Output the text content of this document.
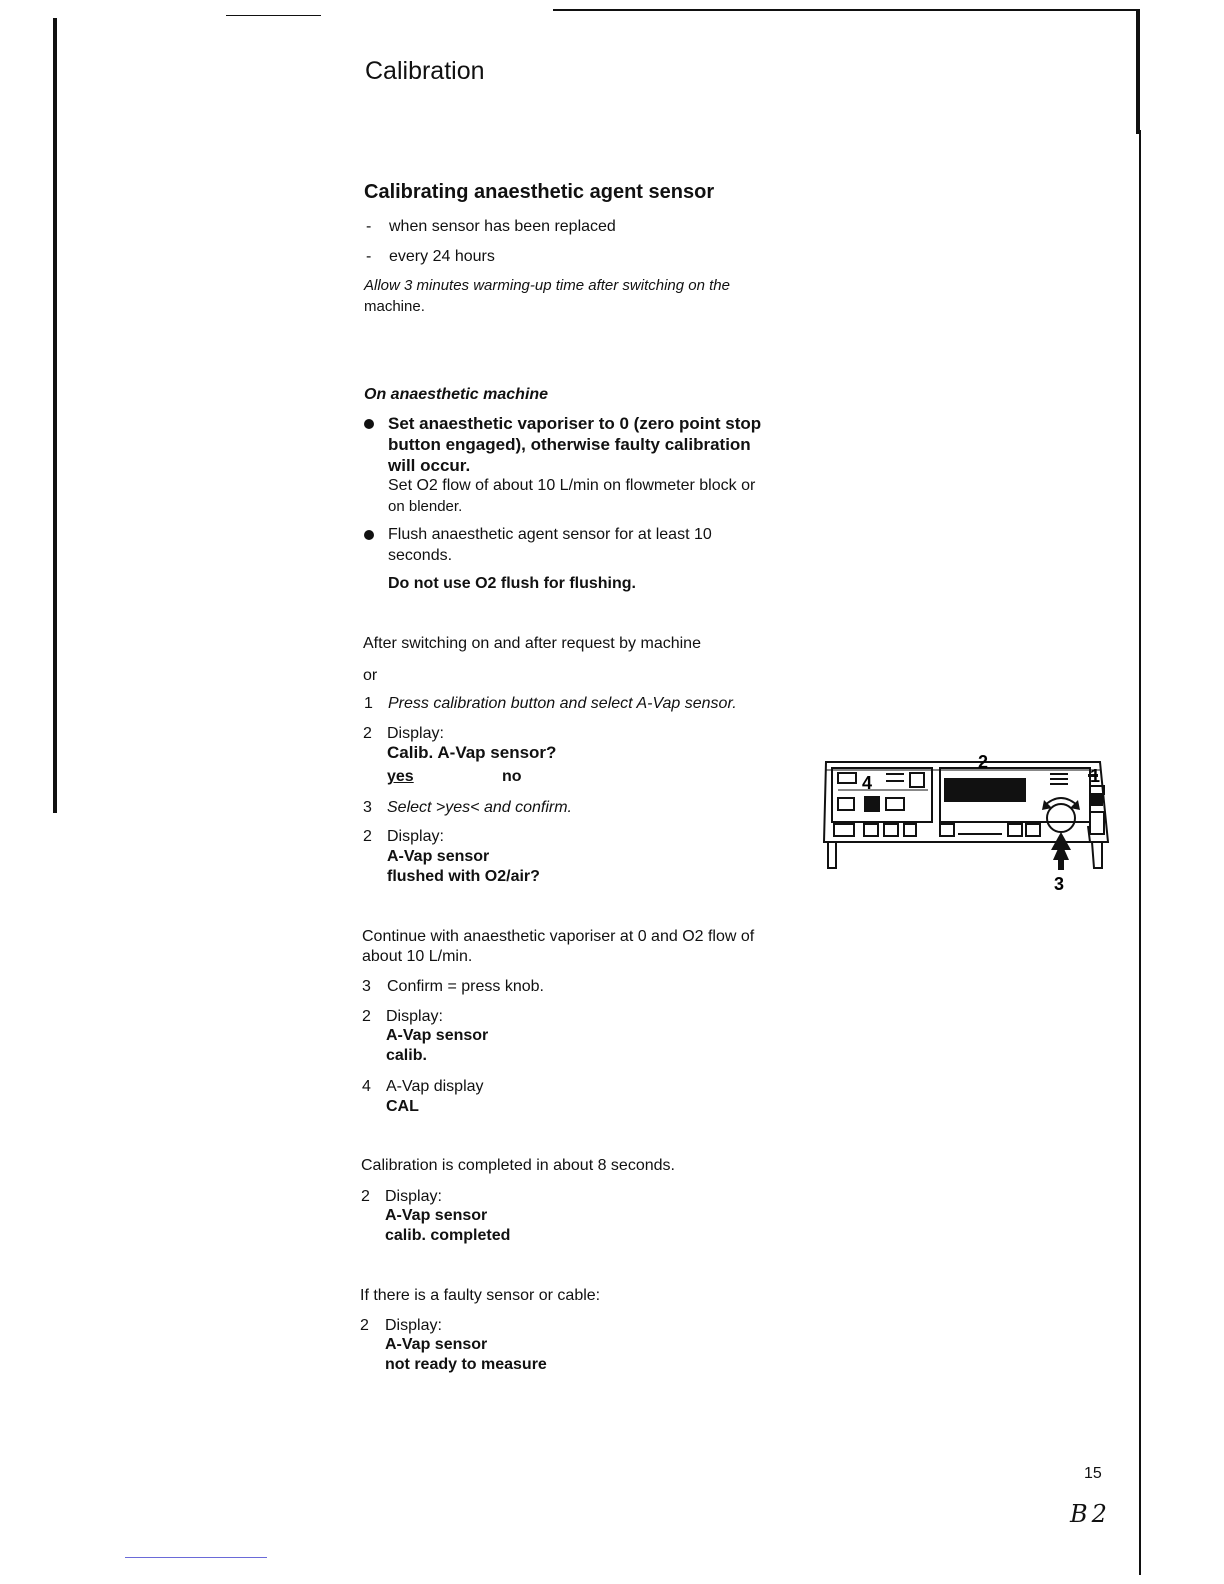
Calibration
Calibrating anaesthetic agent sensor
- when sensor has been replaced
- every 24 hours
Allow 3 minutes warming-up time after switching on the
machine.
On anaesthetic machine
Set anaesthetic vaporiser to 0 (zero point stop
button engaged), otherwise faulty calibration
will occur.
Set O2 flow of about 10 L/min on flowmeter block or
on blender.
Flush anaesthetic agent sensor for at least 10
seconds.
Do not use O2 flush for flushing.
After switching on and after request by machine
or
1 Press calibration button and select A-Vap sensor.
2 Display:
Calib. A-Vap sensor?
yes	no
3 Select >yes< and confirm.
2 Display:
A-Vap sensor
flushed with O2/air?
Continue with anaesthetic vaporiser at 0 and O2 flow of
about 10 L/min.
3 Confirm = press knob.
2 Display:
A-Vap sensor
calib.
4 A-Vap display
CAL
Calibration is completed in about 8 seconds.
2 Display:
A-Vap sensor
calib. completed
If there is a faulty sensor or cable:
2 Display:
A-Vap sensor
not ready to measure
4
2
1
3
15
B2
